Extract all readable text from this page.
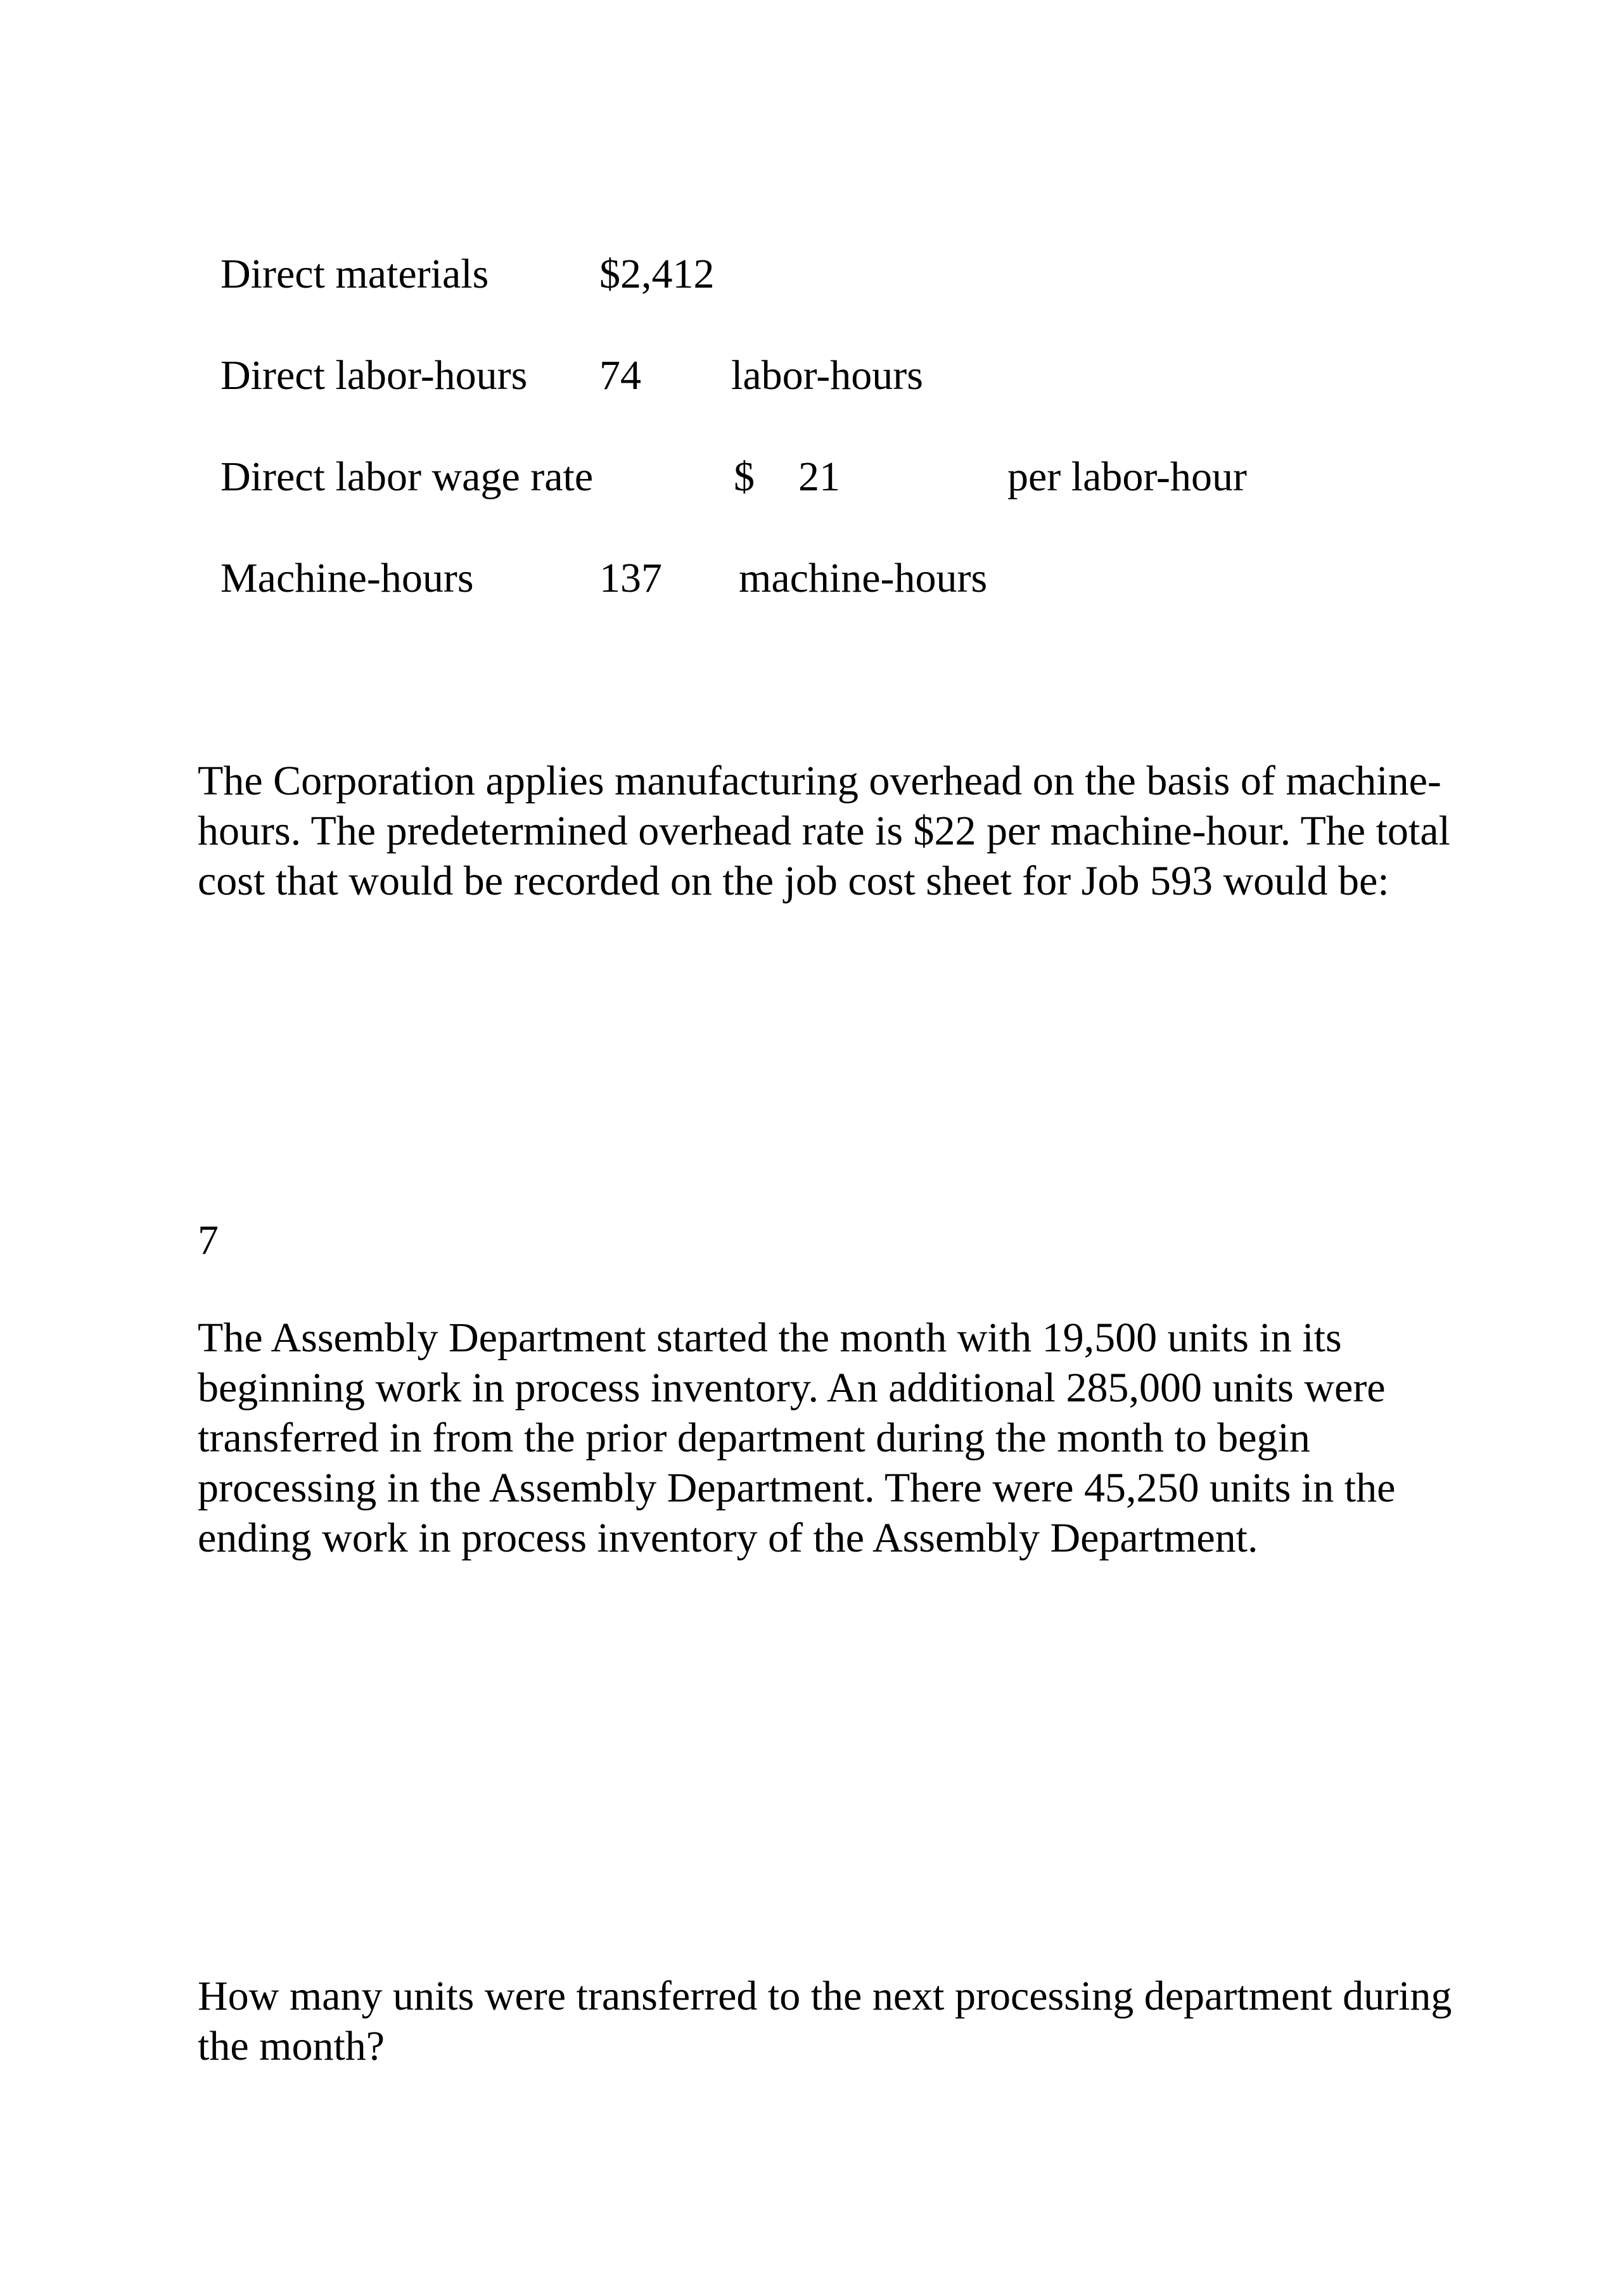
Direct materials	$2,412
Direct labor-hours 74 labor-hours
Direct labor wage rate	$ 21	per labor-hour
Machine-hours	137 machine-hours

The Corporation applies manufacturing overhead on the basis of machine-hours. The predetermined overhead rate is $22 per machine-hour. The total cost that would be recorded on the job cost sheet for Job 593 would be:

7

The Assembly Department started the month with 19,500 units in its beginning work in process inventory. An additional 285,000 units were transferred in from the prior department during the month to begin processing in the Assembly Department. There were 45,250 units in the ending work in process inventory of the Assembly Department.

How many units were transferred to the next processing department during the month?
